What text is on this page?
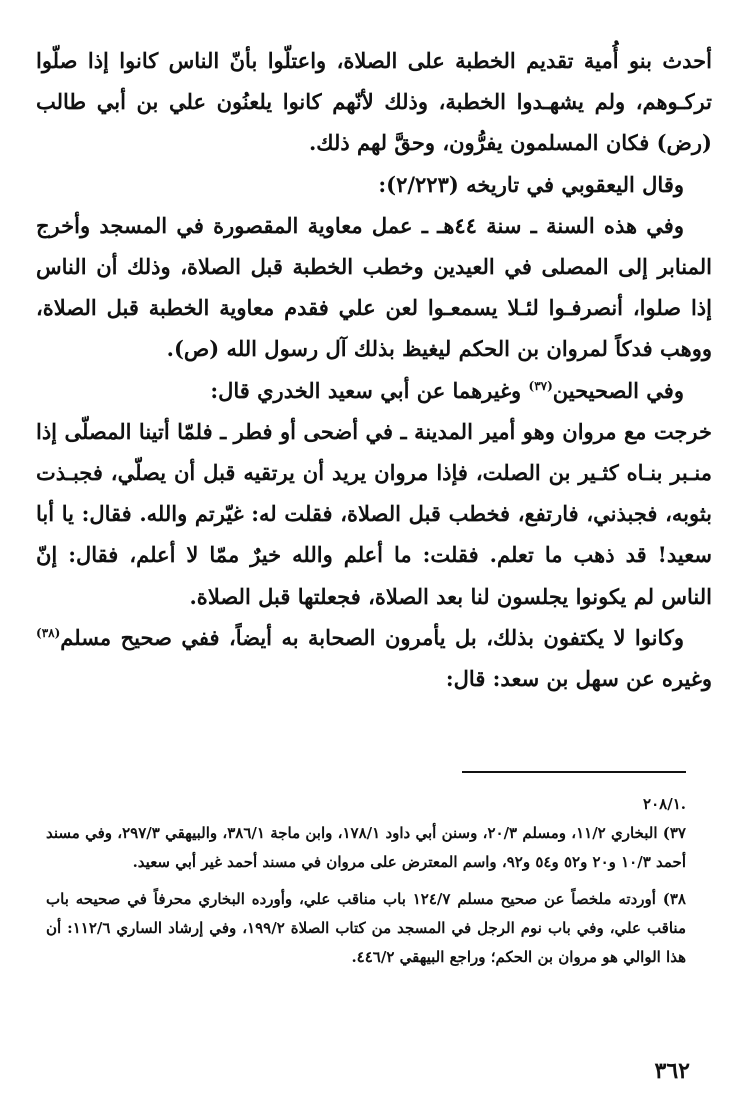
أحدث بنو أُمية تقديم الخطبة على الصلاة، واعتلّوا بأنّ الناس كانوا إذا صلّوا تركـوهم، ولم يشهـدوا الخطبة، وذلك لأنّهم كانوا يلعنُون علي بن أبي طالب (رض) فكان المسلمون يفرُّون، وحقَّ لهم ذلك.

وقال اليعقوبي في تاريخه (٢/٢٢٣):

وفي هذه السنة ـ سنة ٤٤هـ ـ عمل معاوية المقصورة في المسجد وأخرج المنابر إلى المصلى في العيدين وخطب الخطبة قبل الصلاة، وذلك أن الناس إذا صلوا، أنصرفـوا لئـلا يسمعـوا لعن علي فقدم معاوية الخطبة قبل الصلاة، ووهب فدكاً لمروان بن الحكم ليغيظ بذلك آل رسول الله (ص).

وفي الصحيحين$^{(٣٧)}$ وغيرهما عن أبي سعيد الخدري قال:

خرجت مع مروان وهو أمير المدينة ـ في أضحى أو فطر ـ فلمّا أتينا المصلّى إذا منـبر بنـاه كثـير بن الصلت، فإذا مروان يريد أن يرتقيه قبل أن يصلّي، فجبـذت بثوبه، فجبذني، فارتفع، فخطب قبل الصلاة، فقلت له: غيّرتم والله. فقال: يا أبا سعيد! قد ذهب ما تعلم. فقلت: ما أعلم والله خيرٌ ممّا لا أعلم، فقال: إنّ الناس لم يكونوا يجلسون لنا بعد الصلاة، فجعلتها قبل الصلاة.

وكانوا لا يكتفون بذلك، بل يأمرون الصحابة به أيضاً، ففي صحيح مسلم$^{(٣٨)}$ وغيره عن سهل بن سعد: قال:

.٢٠٨/١

٣٧) البخاري ١١/٢، ومسلم ٢٠/٣، وسنن أبي داود ١٧٨/١، وابن ماجة ٣٨٦/١، والبيهقي ٢٩٧/٣، وفي مسند أحمد ١٠/٣ و٢٠ و٥٢ و٥٤ و٩٢، واسم المعترض على مروان في مسند أحمد غير أبي سعيد.

٣٨) أوردته ملخصاً عن صحيح مسلم ١٢٤/٧ باب مناقب علي، وأورده البخاري محرفاً في صحيحه باب مناقب علي، وفي باب نوم الرجل في المسجد من كتاب الصلاة ١٩٩/٢، وفي إرشاد الساري ١١٢/٦: أن هذا الوالي هو مروان بن الحكم؛ وراجع البيهقي ٤٤٦/٢.

٣٦٢
